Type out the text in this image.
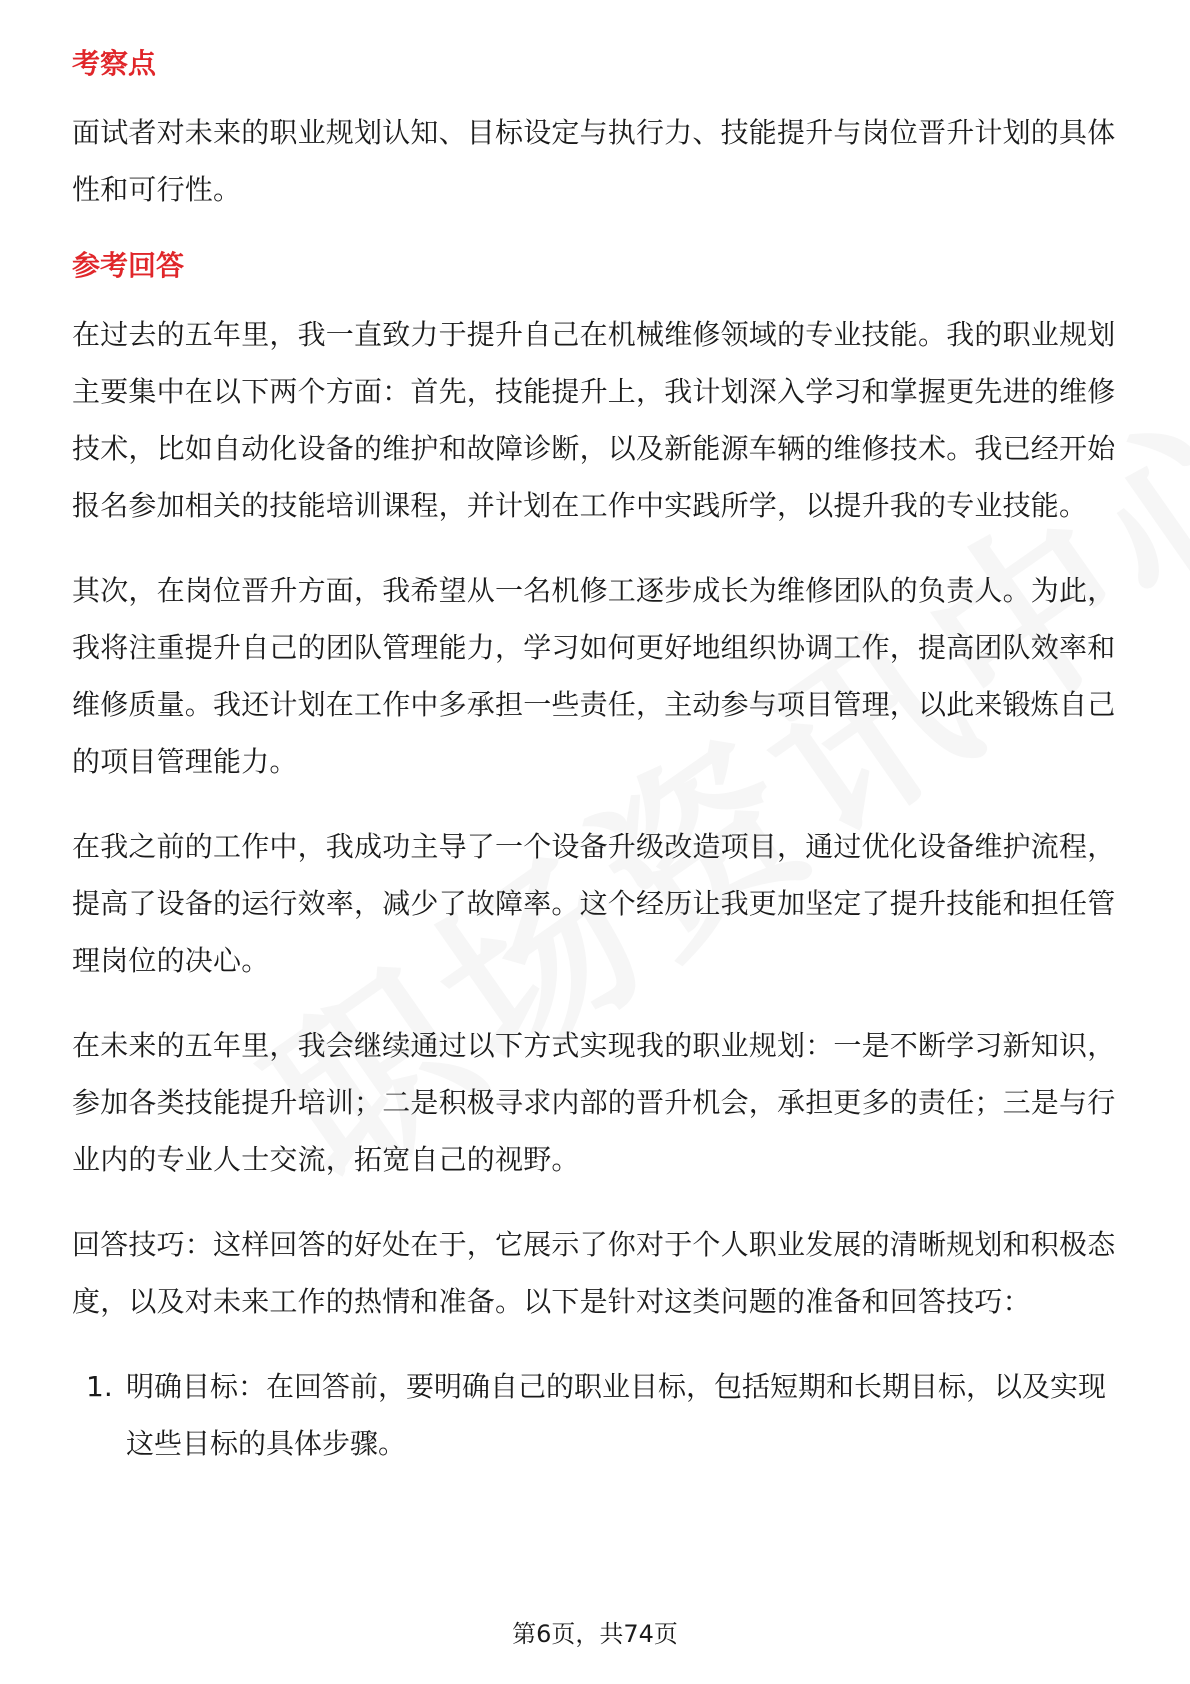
考察点

面试者对未来的职业规划认知、目标设定与执行力、技能提升与岗位晋升计划的具体性和可行性。

参考回答

在过去的五年里，我一直致力于提升自己在机械维修领域的专业技能。我的职业规划主要集中在以下两个方面：首先，技能提升上，我计划深入学习和掌握更先进的维修技术，比如自动化设备的维护和故障诊断，以及新能源车辆的维修技术。我已经开始报名参加相关的技能培训课程，并计划在工作中实践所学，以提升我的专业技能。

其次，在岗位晋升方面，我希望从一名机修工逐步成长为维修团队的负责人。为此，我将注重提升自己的团队管理能力，学习如何更好地组织协调工作，提高团队效率和维修质量。我还计划在工作中多承担一些责任，主动参与项目管理，以此来锻炼自己的项目管理能力。

在我之前的工作中，我成功主导了一个设备升级改造项目，通过优化设备维护流程，提高了设备的运行效率，减少了故障率。这个经历让我更加坚定了提升技能和担任管理岗位的决心。

在未来的五年里，我会继续通过以下方式实现我的职业规划：一是不断学习新知识，参加各类技能提升培训；二是积极寻求内部的晋升机会，承担更多的责任；三是与行业内的专业人士交流，拓宽自己的视野。

回答技巧：这样回答的好处在于，它展示了你对于个人职业发展的清晰规划和积极态度，以及对未来工作的热情和准备。以下是针对这类问题的准备和回答技巧：

1. 明确目标：在回答前，要明确自己的职业目标，包括短期和长期目标，以及实现这些目标的具体步骤。
第6页，共74页
